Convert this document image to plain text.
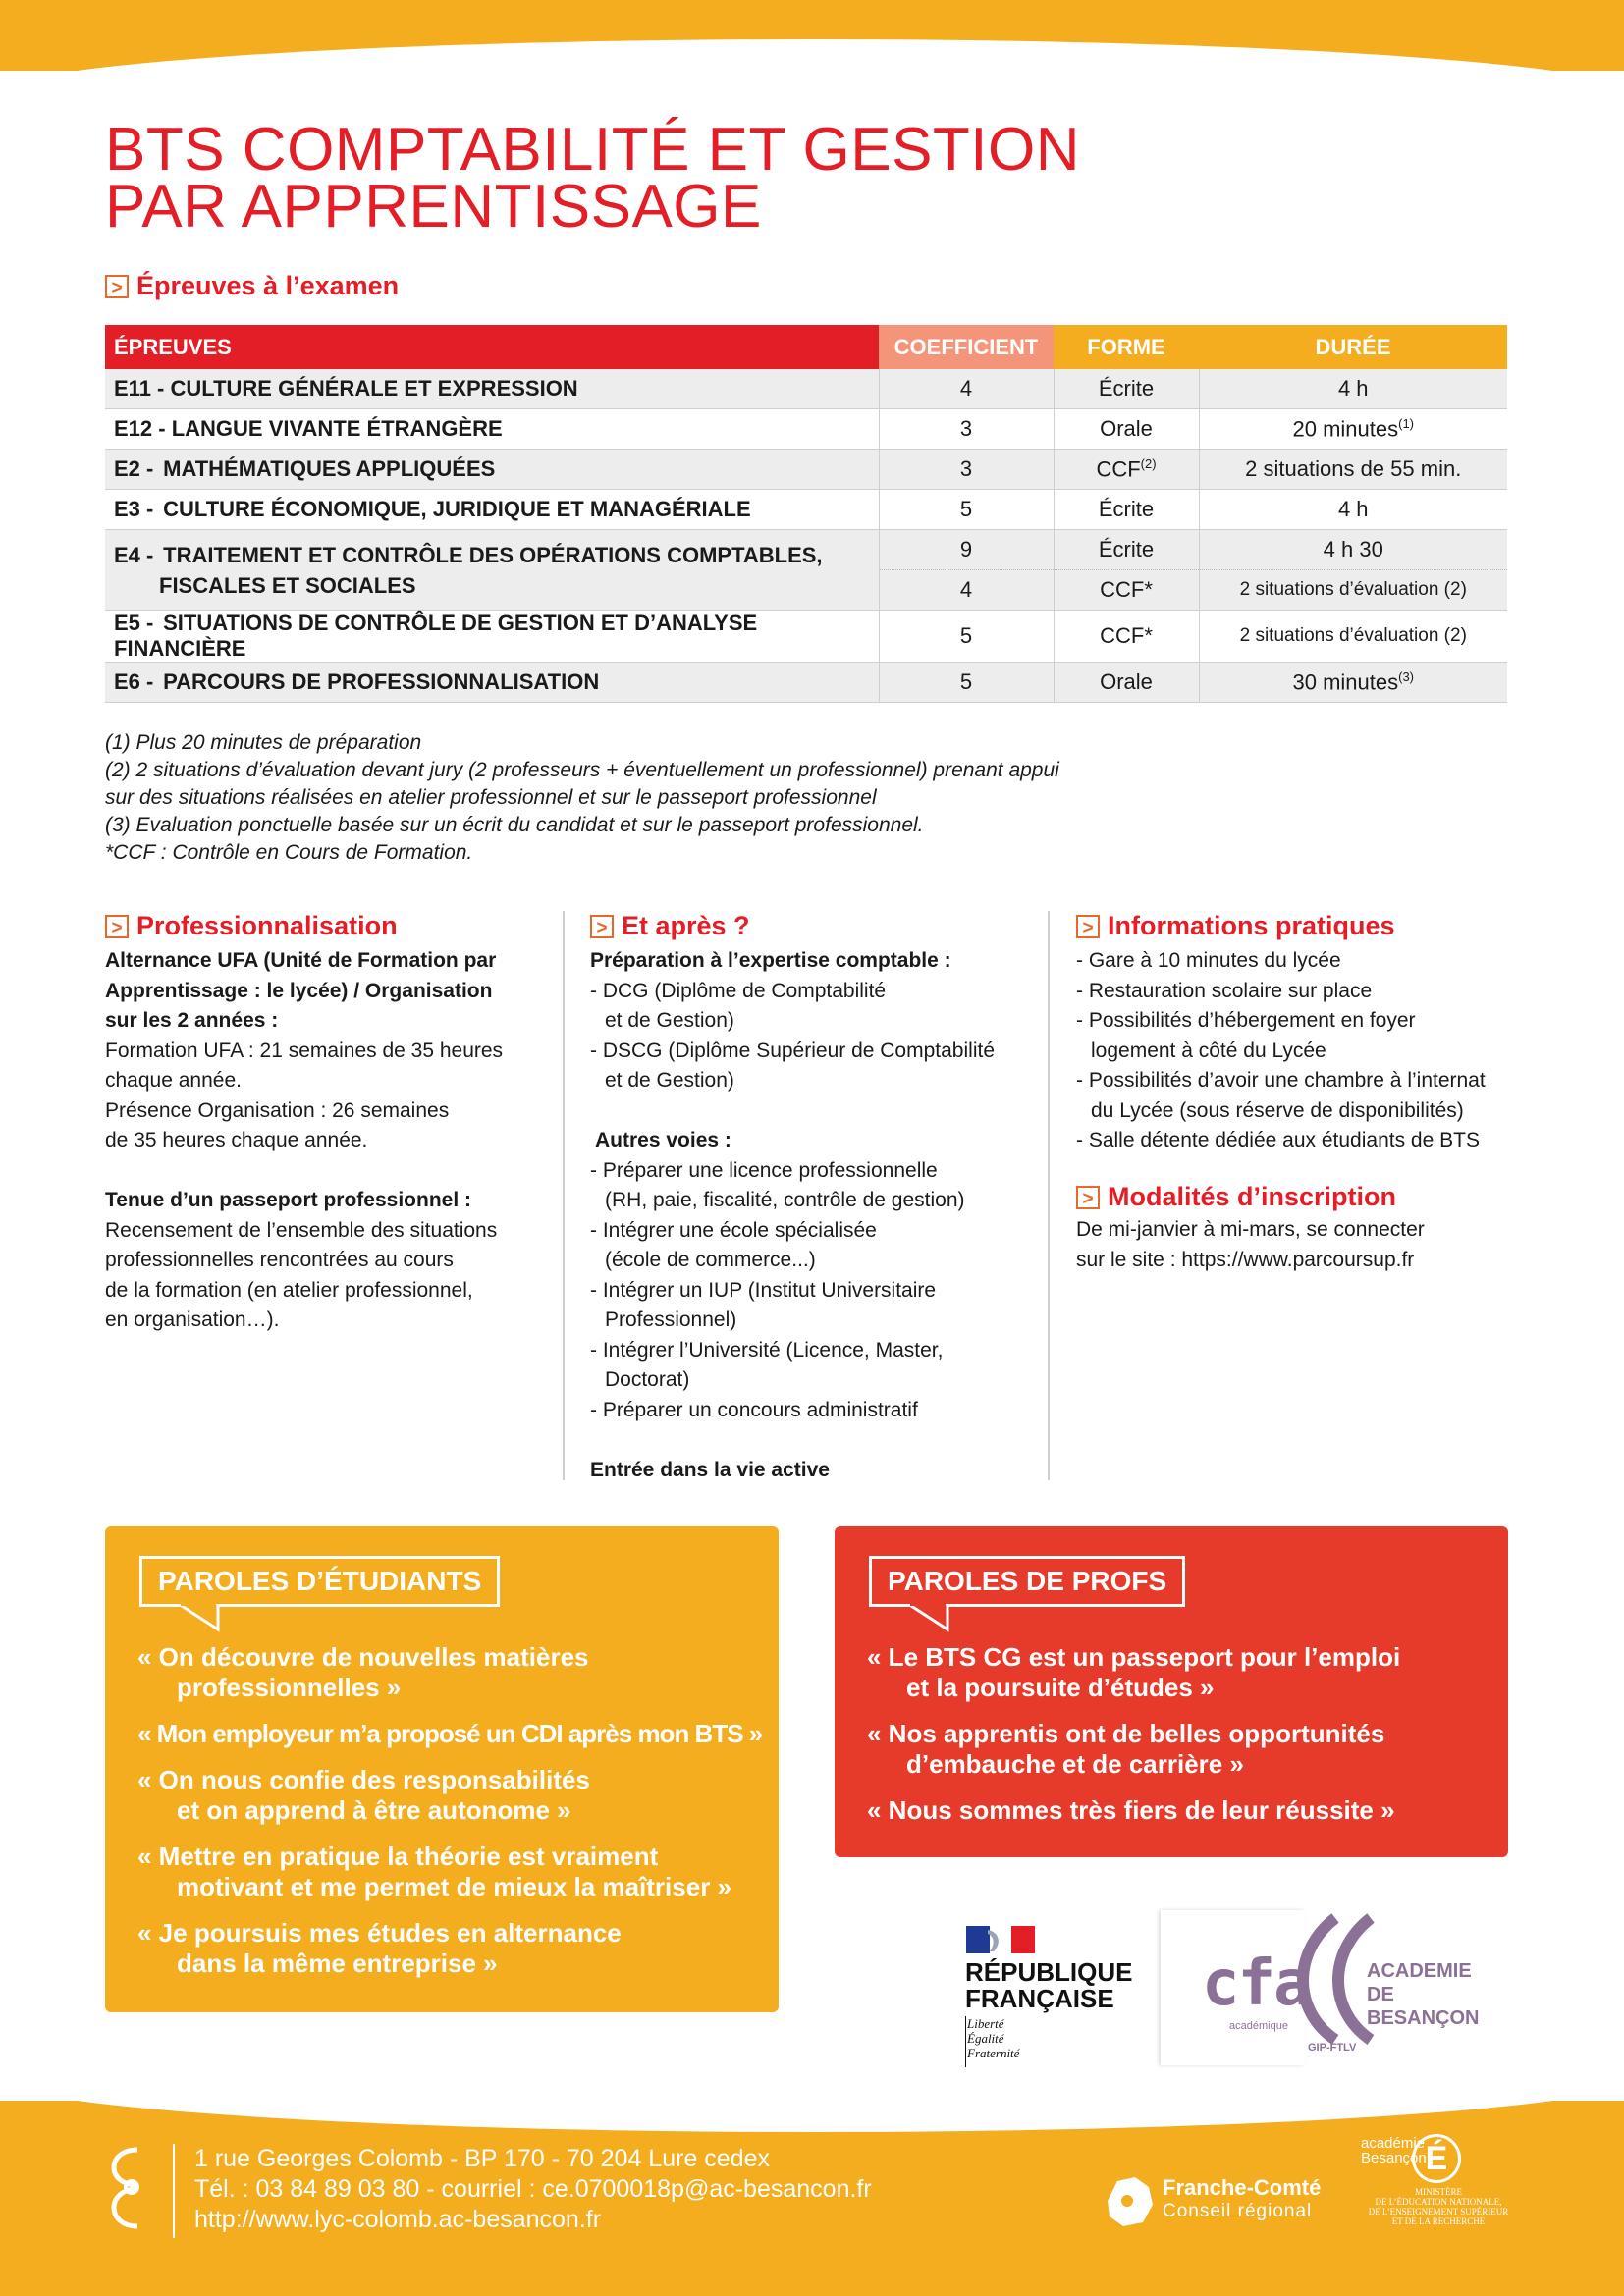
BTS COMPTABILITÉ ET GESTION
PAR APPRENTISSAGE
> Épreuves à l’examen
ÉPREUVES	COEFFICIENT	FORME	DURÉE
E11 - CULTURE GÉNÉRALE ET EXPRESSION	4	Écrite	4 h
E12 - LANGUE VIVANTE ÉTRANGÈRE	3	Orale	20 minutes$^{(1)}$
E2 - MATHÉMATIQUES APPLIQUÉES	3	CCF$^{(2)}$	2 situations de 55 min.
E3 - CULTURE ÉCONOMIQUE, JURIDIQUE ET MANAGÉRIALE	5	Écrite	4 h
E4 - TRAITEMENT ET CONTRÔLE DES OPÉRATIONS COMPTABLES,
FISCALES ET SOCIALES	9	Écrite	4 h 30
	4	CCF*	2 situations d’évaluation (2)
E5 - SITUATIONS DE CONTRÔLE DE GESTION ET D’ANALYSE FINANCIÈRE	5	CCF*	2 situations d’évaluation (2)
E6 - PARCOURS DE PROFESSIONNALISATION	5	Orale	30 minutes$^{(3)}$

(1) Plus 20 minutes de préparation

(2) 2 situations d’évaluation devant jury (2 professeurs + éventuellement un professionnel) prenant appui

sur des situations réalisées en atelier professionnel et sur le passeport professionnel

(3) Evaluation ponctuelle basée sur un écrit du candidat et sur le passeport professionnel.

*CCF : Contrôle en Cours de Formation.

> Professionnalisation	> Et après ?	> Informations pratiques

Alternance UFA (Unité de Formation par

Apprentissage : le lycée) / Organisation

sur les 2 années :

Formation UFA : 21 semaines de 35 heures

chaque année.

Présence Organisation : 26 semaines

de 35 heures chaque année.

Tenue d’un passeport professionnel :

Recensement de l’ensemble des situations

professionnelles rencontrées au cours

de la formation (en atelier professionnel,

en organisation…).

Préparation à l’expertise comptable :

- DCG (Diplôme de Comptabilité

et de Gestion)

- DSCG (Diplôme Supérieur de Comptabilité

et de Gestion)

Autres voies :

- Préparer une licence professionnelle

(RH, paie, fiscalité, contrôle de gestion)

- Intégrer une école spécialisée

(école de commerce...)

- Intégrer un IUP (Institut Universitaire

Professionnel)

- Intégrer l’Université (Licence, Master,

Doctorat)

- Préparer un concours administratif

Entrée dans la vie active

- Gare à 10 minutes du lycée

- Restauration scolaire sur place

- Possibilités d’hébergement en foyer

logement à côté du Lycée

- Possibilités d’avoir une chambre à l’internat

du Lycée (sous réserve de disponibilités)

- Salle détente dédiée aux étudiants de BTS

> Modalités d’inscription

De mi-janvier à mi-mars, se connecter

sur le site : https://www.parcoursup.fr

PAROLES D’ÉTUDIANTS

« On découvre de nouvelles matières
professionnelles »

« Mon employeur m’a proposé un CDI après mon BTS »

« On nous confie des responsabilités
et on apprend à être autonome »

« Mettre en pratique la théorie est vraiment
motivant et me permet de mieux la maîtriser »

« Je poursuis mes études en alternance
dans la même entreprise »

PAROLES DE PROFS

« Le BTS CG est un passeport pour l’emploi
et la poursuite d’études »

« Nos apprentis ont de belles opportunités
d’embauche et de carrière »

« Nous sommes très fiers de leur réussite »

RÉPUBLIQUE
FRANÇAISE
Liberté
Égalité
Fraternité
cfa
académique
GIP-FTLV
ACADEMIE
DE BESANÇON

1 rue Georges Colomb - BP 170 - 70 204 Lure cedex

Tél. : 03 84 89 03 80 - courriel : ce.0700018p@ac-besancon.fr

http://www.lyc-colomb.ac-besancon.fr

Franche-Comté
Conseil régional
académie
Besançon
É
MINISTÈRE
DE L’ÉDUCATION NATIONALE,
DE L’ENSEIGNEMENT SUPÉRIEUR
ET DE LA RECHERCHE
